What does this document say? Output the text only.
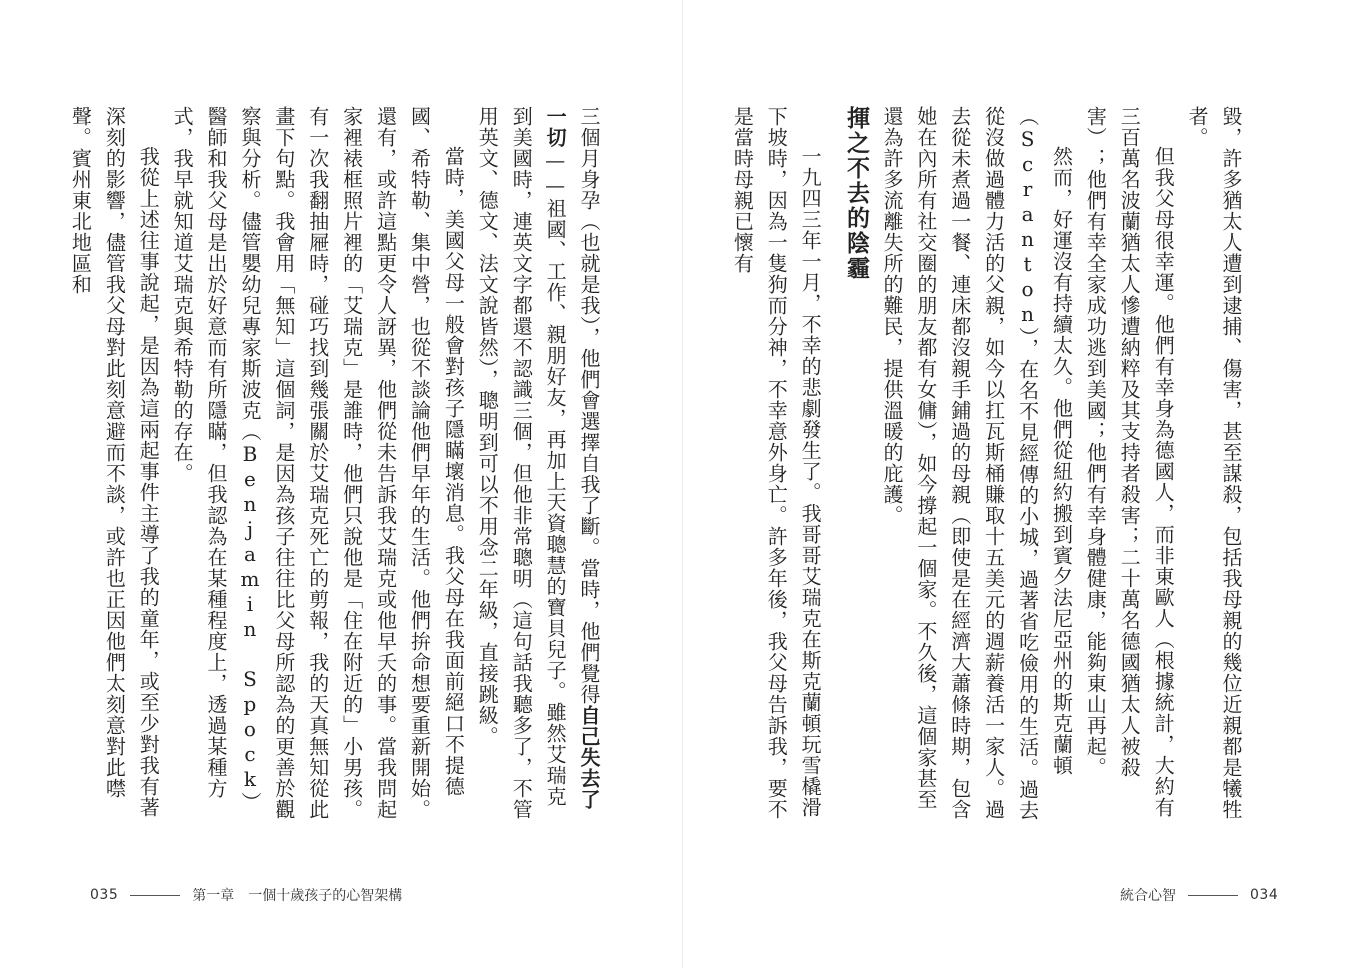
毀，許多猶太人遭到逮捕、傷害，甚至謀殺，包括我母親的幾位近親都是犧牲者。

但我父母很幸運。他們有幸身為德國人，而非東歐人（根據統計，大約有三百萬名波蘭猶太人慘遭納粹及其支持者殺害；二十萬名德國猶太人被殺害）；他們有幸全家成功逃到美國；他們有幸身體健康，能夠東山再起。

然而，好運沒有持續太久。他們從紐約搬到賓夕法尼亞州的斯克蘭頓（Scranton），在名不見經傳的小城，過著省吃儉用的生活。過去從沒做過體力活的父親，如今以扛瓦斯桶賺取十五美元的週薪養活一家人。過去從未煮過一餐、連床都沒親手鋪過的母親（即使是在經濟大蕭條時期，包含她在內所有社交圈的朋友都有女傭），如今撐起一個家。不久後，這個家甚至還為許多流離失所的難民，提供溫暖的庇護。

揮之不去的陰霾

一九四三年一月，不幸的悲劇發生了。我哥哥艾瑞克在斯克蘭頓玩雪橇滑下坡時，因為一隻狗而分神，不幸意外身亡。許多年後，我父母告訴我，要不是當時母親已懷有

三個月身孕（也就是我），他們會選擇自我了斷。當時，他們覺得自己失去了一切——祖國、工作、親朋好友，再加上天資聰慧的寶貝兒子。雖然艾瑞克到美國時，連英文字都還不認識三個，但他非常聰明（這句話我聽多了，不管用英文、德文、法文說皆然），聰明到可以不用念二年級，直接跳級。

當時，美國父母一般會對孩子隱瞞壞消息。我父母在我面前絕口不提德國、希特勒、集中營，也從不談論他們早年的生活。他們拚命想要重新開始。還有，或許這點更令人訝異，他們從未告訴我艾瑞克或他早夭的事。當我問起家裡裱框照片裡的「艾瑞克」是誰時，他們只說他是「住在附近的」小男孩。有一次我翻抽屜時，碰巧找到幾張關於艾瑞克死亡的剪報，我的天真無知從此畫下句點。我會用「無知」這個詞，是因為孩子往往比父母所認為的更善於觀察與分析。儘管嬰幼兒專家斯波克（Benjamin Spock）醫師和我父母是出於好意而有所隱瞞，但我認為在某種程度上，透過某種方式，我早就知道艾瑞克與希特勒的存在。

我從上述往事說起，是因為這兩起事件主導了我的童年，或至少對我有著深刻的影響，儘管我父母對此刻意避而不談，或許也正因他們太刻意對此噤聲。賓州東北地區和

035	第一章　一個十歲孩子的心智架構	統合心智	034
